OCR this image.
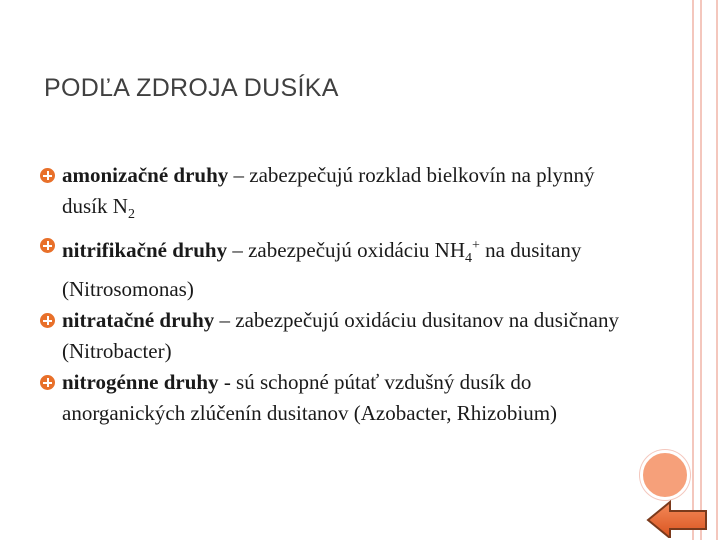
PODĽA ZDROJA DUSÍKA
amonizačné druhy – zabezpečujú rozklad bielkovín na plynný dusík $N_2$
nitrifikačné druhy – zabezpečujú oxidáciu $NH_4^+$ na dusitany (Nitrosomonas)
nitratačné druhy – zabezpečujú oxidáciu dusitanov na dusičnany (Nitrobacter)
nitrogénne druhy - sú schopné pútať vzdušný dusík do anorganických zlúčenín dusitanov (Azobacter, Rhizobium)
